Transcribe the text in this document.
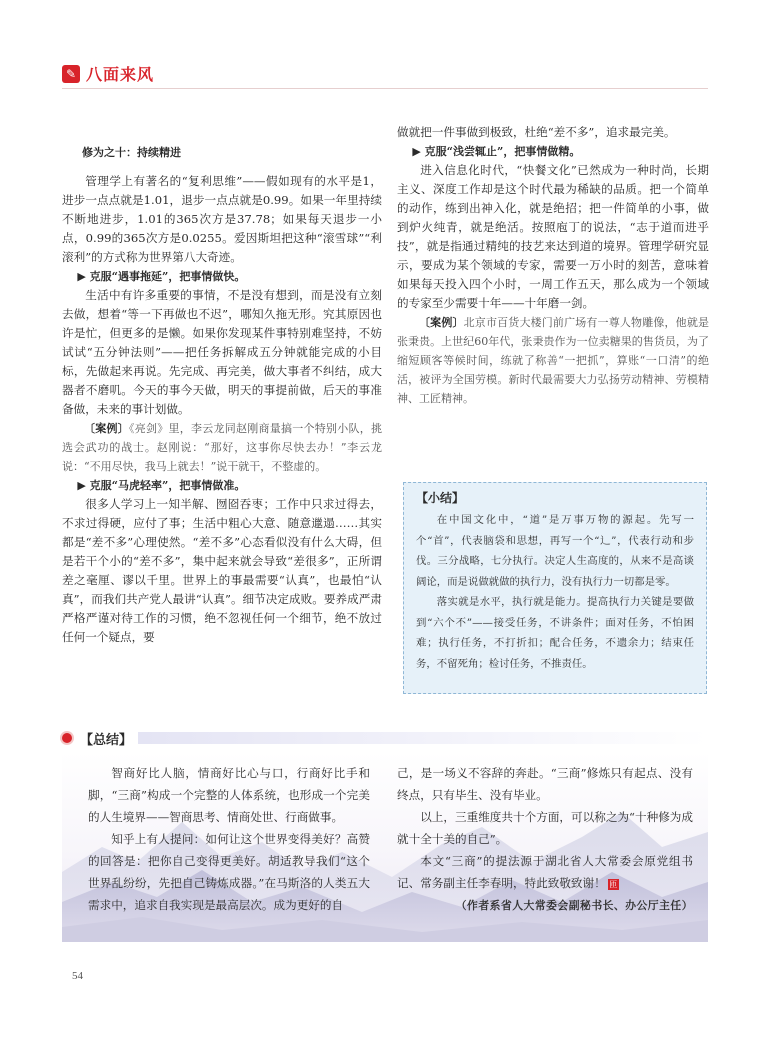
✎ 八面来风

修为之十：持续精进

管理学上有著名的“复利思维”——假如现有的水平是1，进步一点点就是1.01，退步一点点就是0.99。如果一年里持续不断地进步，1.01的365次方是37.78；如果每天退步一小点，0.99的365次方是0.0255。爱因斯坦把这种“滚雪球”“利滚利”的方式称为世界第八大奇迹。

▶ 克服“遇事拖延”，把事情做快。

生活中有许多重要的事情，不是没有想到，而是没有立刻去做，想着“等一下再做也不迟”，哪知久拖无形。究其原因也许是忙，但更多的是懒。如果你发现某件事特别难坚持，不妨试试“五分钟法则”——把任务拆解成五分钟就能完成的小目标，先做起来再说。先完成、再完美，做大事者不纠结，成大器者不磨叽。今天的事今天做，明天的事提前做，后天的事准备做，未来的事计划做。

〔案例〕《亮剑》里，李云龙同赵刚商量搞一个特别小队，挑选会武功的战士。赵刚说：“那好，这事你尽快去办！”李云龙说：“不用尽快，我马上就去！”说干就干，不整虚的。

▶ 克服“马虎轻率”，把事情做准。

很多人学习上一知半解、囫囵吞枣；工作中只求过得去，不求过得硬，应付了事；生活中粗心大意、随意邋遢……其实都是“差不多”心理使然。“差不多”心态看似没有什么大碍，但是若干个小的“差不多”，集中起来就会导致“差很多”，正所谓差之毫厘、谬以千里。世界上的事最需要“认真”，也最怕“认真”，而我们共产党人最讲“认真”。细节决定成败。要养成严肃严格严谨对待工作的习惯，绝不忽视任何一个细节，绝不放过任何一个疑点，要

做就把一件事做到极致，杜绝“差不多”，追求最完美。

▶ 克服“浅尝辄止”，把事情做精。

进入信息化时代，“快餐文化”已然成为一种时尚，长期主义、深度工作却是这个时代最为稀缺的品质。把一个简单的动作，练到出神入化，就是绝招；把一件简单的小事，做到炉火纯青，就是绝活。按照庖丁的说法，“志于道而进乎技”，就是指通过精纯的技艺来达到道的境界。管理学研究显示，要成为某个领域的专家，需要一万小时的刻苦，意味着如果每天投入四个小时，一周工作五天，那么成为一个领域的专家至少需要十年——十年磨一剑。

〔案例〕北京市百货大楼门前广场有一尊人物雕像，他就是张秉贵。上世纪60年代，张秉贵作为一位卖糖果的售货员，为了缩短顾客等候时间，练就了称善“一把抓”，算账“一口清”的绝活，被评为全国劳模。新时代最需要大力弘扬劳动精神、劳模精神、工匠精神。

【小结】

在中国文化中，“道”是万事万物的源起。先写一个“首”，代表脑袋和思想，再写一个“辶”，代表行动和步伐。三分战略，七分执行。决定人生高度的，从来不是高谈阔论，而是说做就做的执行力，没有执行力一切都是零。

落实就是水平，执行就是能力。提高执行力关键是要做到“六个不”——接受任务，不讲条件；面对任务，不怕困难；执行任务，不打折扣；配合任务，不遗余力；结束任务，不留死角；检讨任务，不推责任。

【总结】

智商好比人脑，情商好比心与口，行商好比手和脚，“三商”构成一个完整的人体系统，也形成一个完美的人生境界——智商思考、情商处世、行商做事。

知乎上有人提问：如何让这个世界变得美好？高赞的回答是：把你自己变得更美好。胡适教导我们“这个世界乱纷纷，先把自己铸炼成器。”在马斯洛的人类五大需求中，追求自我实现是最高层次。成为更好的自

己，是一场义不容辞的奔赴。“三商”修炼只有起点、没有终点，只有毕生、没有毕业。

以上，三重维度共十个方面，可以称之为“十种修为成就十全十美的自己”。

本文“三商”的提法源于湖北省人大常委会原党组书记、常务副主任李春明，特此致敬致谢！ 匝

（作者系省人大常委会副秘书长、办公厅主任）

54
